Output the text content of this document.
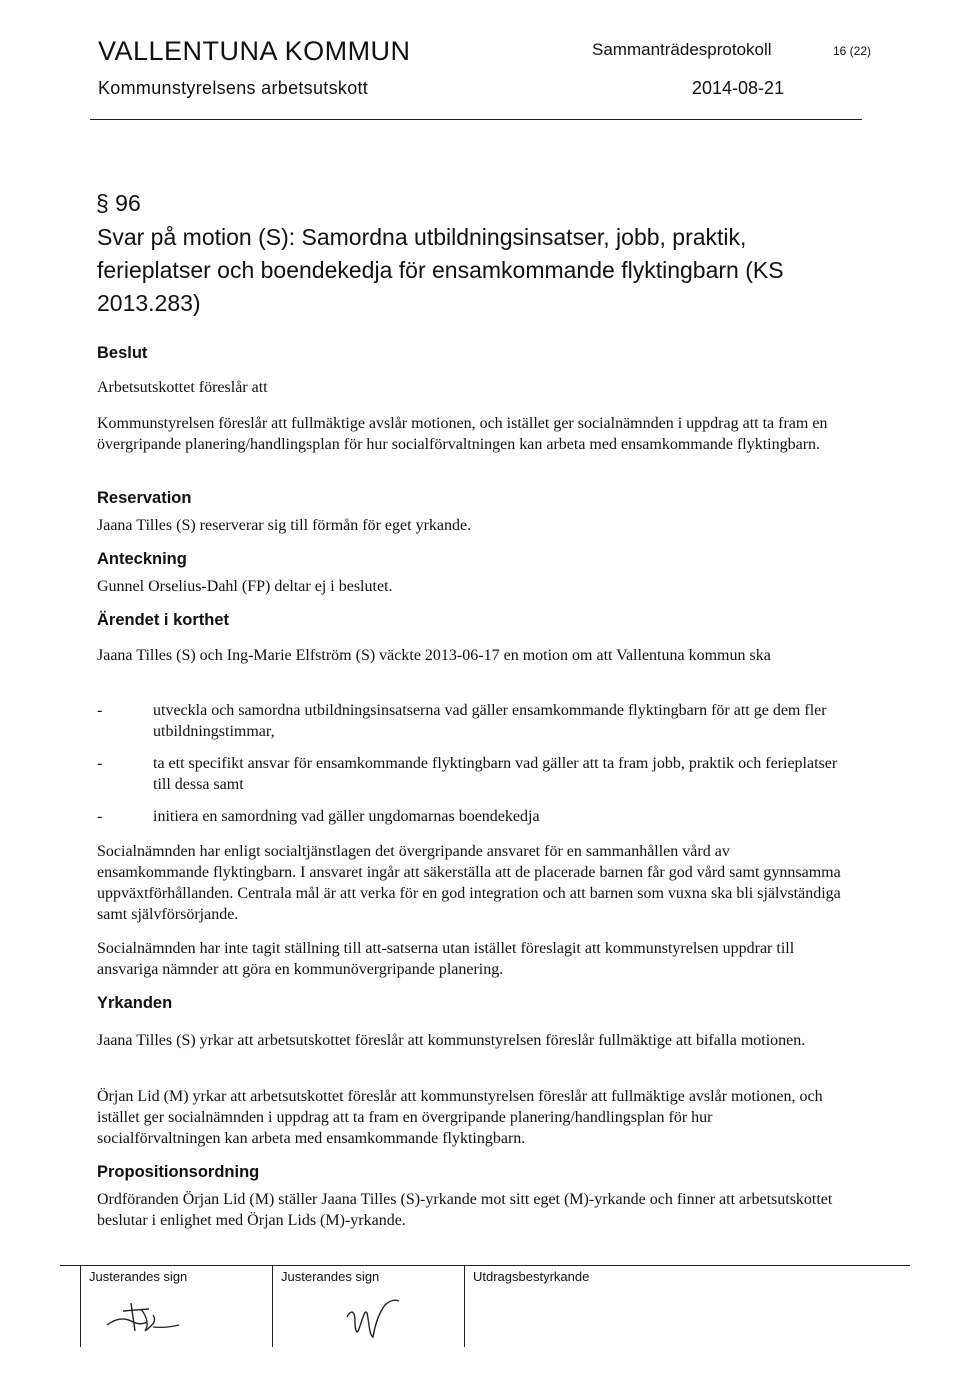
VALLENTUNA KOMMUN
Kommunstyrelsens arbetsutskott
Sammanträdesprotokoll	16 (22)
2014-08-21
§ 96
Svar på motion (S): Samordna utbildningsinsatser, jobb, praktik, ferieplatser och boendekedja för ensamkommande flyktingbarn (KS 2013.283)
Beslut
Arbetsutskottet föreslår att
Kommunstyrelsen föreslår att fullmäktige avslår motionen, och istället ger socialnämnden i uppdrag att ta fram en övergripande planering/handlingsplan för hur socialförvaltningen kan arbeta med ensamkommande flyktingbarn.
Reservation
Jaana Tilles (S) reserverar sig till förmån för eget yrkande.
Anteckning
Gunnel Orselius-Dahl (FP) deltar ej i beslutet.
Ärendet i korthet
Jaana Tilles (S) och Ing-Marie Elfström (S) väckte 2013-06-17 en motion om att Vallentuna kommun ska
-	utveckla och samordna utbildningsinsatserna vad gäller ensamkommande flyktingbarn för att ge dem fler utbildningstimmar,
-	ta ett specifikt ansvar för ensamkommande flyktingbarn vad gäller att ta fram jobb, praktik och ferieplatser till dessa samt
-	initiera en samordning vad gäller ungdomarnas boendekedja
Socialnämnden har enligt socialtjänstlagen det övergripande ansvaret för en sammanhållen vård av ensamkommande flyktingbarn. I ansvaret ingår att säkerställa att de placerade barnen får god vård samt gynnsamma uppväxtförhållanden. Centrala mål är att verka för en god integration och att barnen som vuxna ska bli självständiga samt självförsörjande.
Socialnämnden har inte tagit ställning till att-satserna utan istället föreslagit att kommunstyrelsen uppdrar till ansvariga nämnder att göra en kommunövergripande planering.
Yrkanden
Jaana Tilles (S) yrkar att arbetsutskottet föreslår att kommunstyrelsen föreslår fullmäktige att bifalla motionen.
Örjan Lid (M) yrkar att arbetsutskottet föreslår att kommunstyrelsen föreslår att fullmäktige avslår motionen, och istället ger socialnämnden i uppdrag att ta fram en övergripande planering/handlingsplan för hur socialförvaltningen kan arbeta med ensamkommande flyktingbarn.
Propositionsordning
Ordföranden Örjan Lid (M) ställer Jaana Tilles (S)-yrkande mot sitt eget (M)-yrkande och finner att arbetsutskottet beslutar i enlighet med Örjan Lids (M)-yrkande.
Justerandes sign	Justerandes sign	Utdragsbestyrkande
